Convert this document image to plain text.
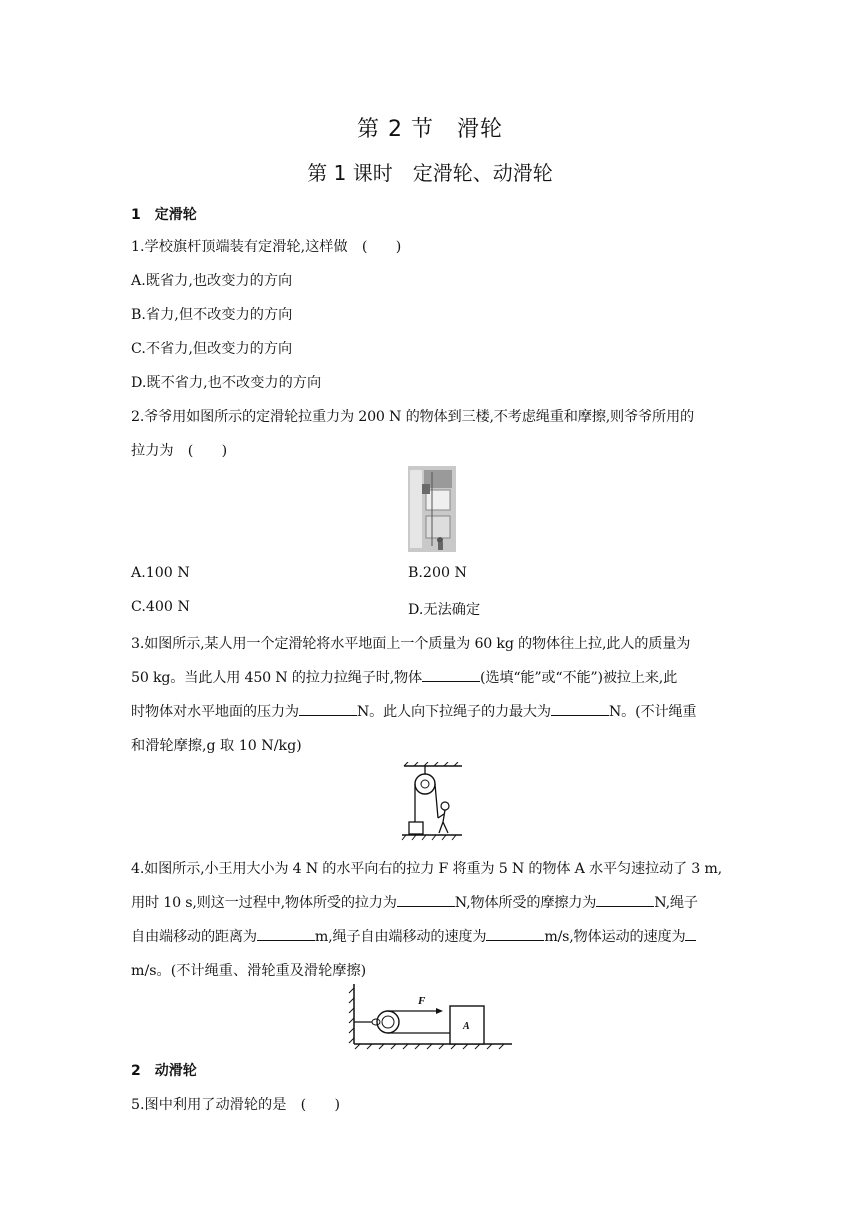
第 2 节　滑轮
第 1 课时　定滑轮、动滑轮
1　定滑轮
1.学校旗杆顶端装有定滑轮,这样做　(　　)
A.既省力,也改变力的方向
B.省力,但不改变力的方向
C.不省力,但改变力的方向
D.既不省力,也不改变力的方向
2.爷爷用如图所示的定滑轮拉重力为 200 N 的物体到三楼,不考虑绳重和摩擦,则爷爷所用的
拉力为　(　　)
A.100 N	B.200 N
C.400 N	D.无法确定
3.如图所示,某人用一个定滑轮将水平地面上一个质量为 60 kg 的物体往上拉,此人的质量为
50 kg。当此人用 450 N 的拉力拉绳子时,物体	(选填“能”或“不能”)被拉上来,此
时物体对水平地面的压力为	N。此人向下拉绳子的力最大为	N。(不计绳重
和滑轮摩擦,g 取 10 N/kg)
4.如图所示,小王用大小为 4 N 的水平向右的拉力 F 将重为 5 N 的物体 A 水平匀速拉动了 3 m,
用时 10 s,则这一过程中,物体所受的拉力为	N,物体所受的摩擦力为	N,绳子
自由端移动的距离为	m,绳子自由端移动的速度为	m/s,物体运动的速度为
m/s。(不计绳重、滑轮重及滑轮摩擦)
F
A
2　动滑轮
5.图中利用了动滑轮的是　(　　)
